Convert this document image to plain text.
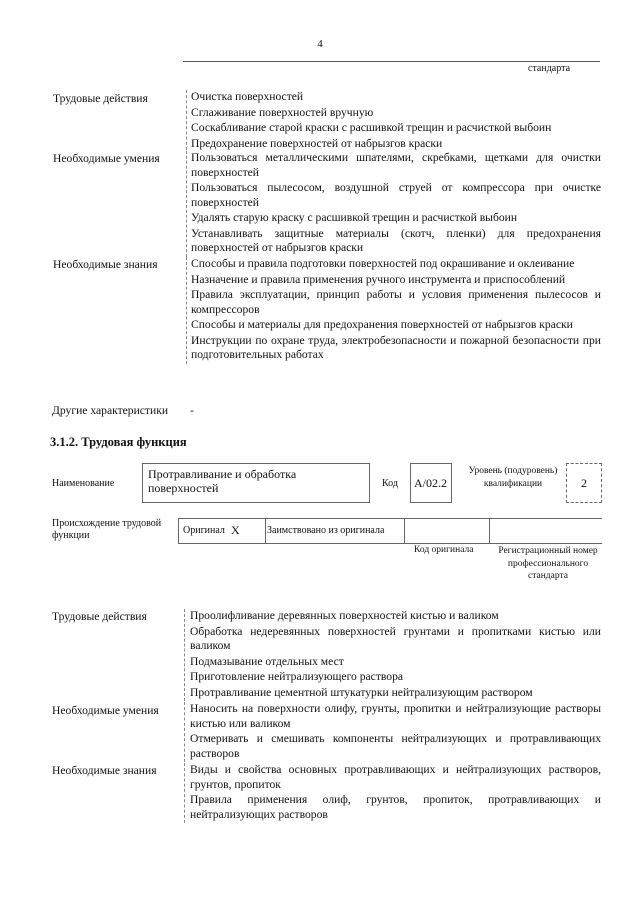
4
стандарта
Трудовые действия	Очистка поверхностей
Сглаживание поверхностей вручную
Соскабливание старой краски с расшивкой трещин и расчисткой выбоин
Предохранение поверхностей от набрызгов краски
Необходимые умения	Пользоваться металлическими шпателями, скребками, щетками для очистки поверхностей
Пользоваться пылесосом, воздушной струей от компрессора при очистке поверхностей
Удалять старую краску с расшивкой трещин и расчисткой выбоин
Устанавливать защитные материалы (скотч, пленки) для предохранения поверхностей от набрызгов краски
Необходимые знания	Способы и правила подготовки поверхностей под окрашивание и оклеивание
Назначение и правила применения ручного инструмента и приспособлений
Правила эксплуатации, принцип работы и условия применения пылесосов и компрессоров
Способы и материалы для предохранения поверхностей от набрызгов краски
Инструкции по охране труда, электробезопасности и пожарной безопасности при подготовительных работах
Другие характеристики -
3.1.2. Трудовая функция
Наименование
Протравливание и обработка поверхностей	Код А/02.2
Уровень (подуровень) квалификации	2
Происхождение трудовой функции	Оригинал X	Заимствовано из оригинала
Код оригинала	Регистрационный номер профессионального стандарта
Трудовые действия	Проолифливание деревянных поверхностей кистью и валиком
Обработка недеревянных поверхностей грунтами и пропитками кистью или валиком
Подмазывание отдельных мест
Приготовление нейтрализующего раствора
Протравливание цементной штукатурки нейтрализующим раствором
Необходимые умения	Наносить на поверхности олифу, грунты, пропитки и нейтрализующие растворы кистью или валиком
Отмеривать и смешивать компоненты нейтрализующих и протравливающих растворов
Необходимые знания	Виды и свойства основных протравливающих и нейтрализующих растворов, грунтов, пропиток
Правила применения олиф, грунтов, пропиток, протравливающих и нейтрализующих растворов
